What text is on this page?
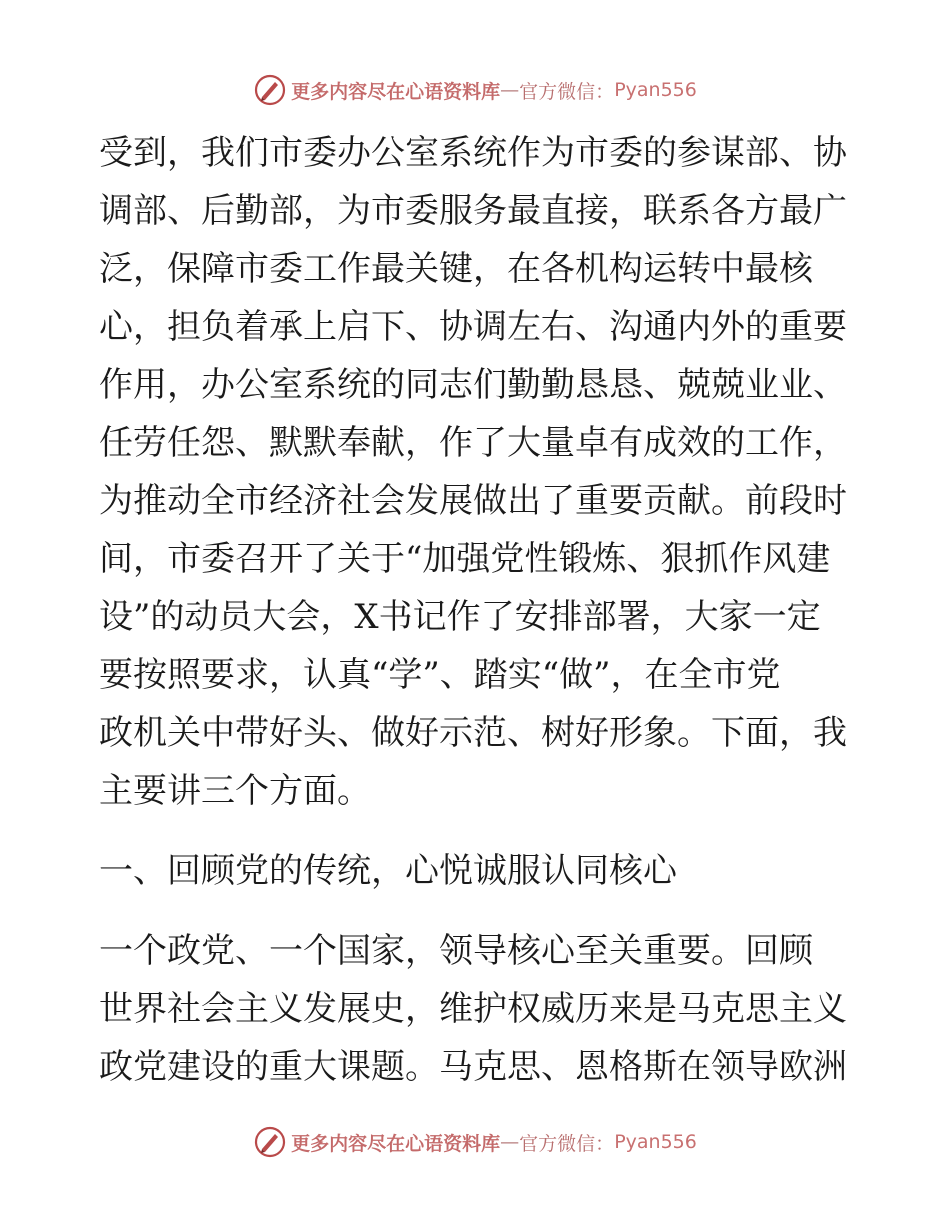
更多内容尽在心语资料库 — 官方微信： Pyan556
受到，我们市委办公室系统作为市委的参谋部、协
调部、后勤部，为市委服务最直接，联系各方最广
泛，保障市委工作最关键，在各机构运转中最核
心，担负着承上启下、协调左右、沟通内外的重要
作用，办公室系统的同志们勤勤恳恳、兢兢业业、
任劳任怨、默默奉献，作了大量卓有成效的工作，
为推动全市经济社会发展做出了重要贡献。前段时
间，市委召开了关于“加强党性锻炼、狠抓作风建
设”的动员大会，X书记作了安排部署，大家一定
要按照要求，认真“学”、踏实“做”，在全市党
政机关中带好头、做好示范、树好形象。下面，我
主要讲三个方面。
一、回顾党的传统，心悦诚服认同核心
一个政党、一个国家，领导核心至关重要。回顾
世界社会主义发展史，维护权威历来是马克思主义
政党建设的重大课题。马克思、恩格斯在领导欧洲
更多内容尽在心语资料库 — 官方微信： Pyan556
